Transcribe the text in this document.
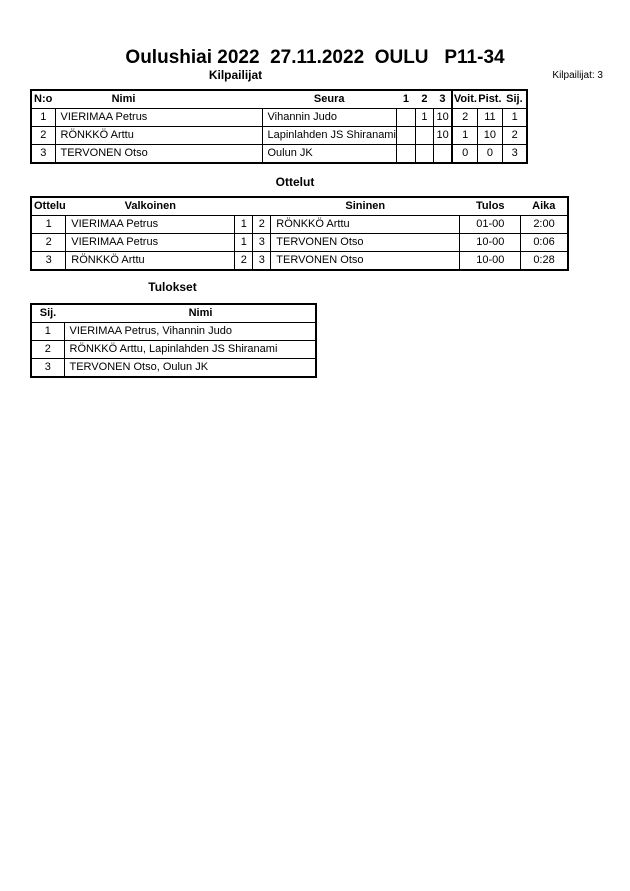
Oulushiai 2022  27.11.2022  OULU   P11-34
Kilpailijat	Kilpailijat: 3
N:o	Nimi	Seura	1	2	3	Voit.	Pist.	Sij.
1	VIERIMAA Petrus	Vihannin Judo		1	10	2	11	1
2	RÖNKKÖ Arttu	Lapinlahden JS Shiranami			10	1	10	2
3	TERVONEN Otso	Oulun JK				0	0	3
Ottelut
Ottelu	Valkoinen			Sininen	Tulos	Aika
1	VIERIMAA Petrus	1	2	RÖNKKÖ Arttu	01-00	2:00
2	VIERIMAA Petrus	1	3	TERVONEN Otso	10-00	0:06
3	RÖNKKÖ Arttu	2	3	TERVONEN Otso	10-00	0:28
Tulokset
Sij.	Nimi
1	VIERIMAA Petrus, Vihannin Judo
2	RÖNKKÖ Arttu, Lapinlahden JS Shiranami
3	TERVONEN Otso, Oulun JK
